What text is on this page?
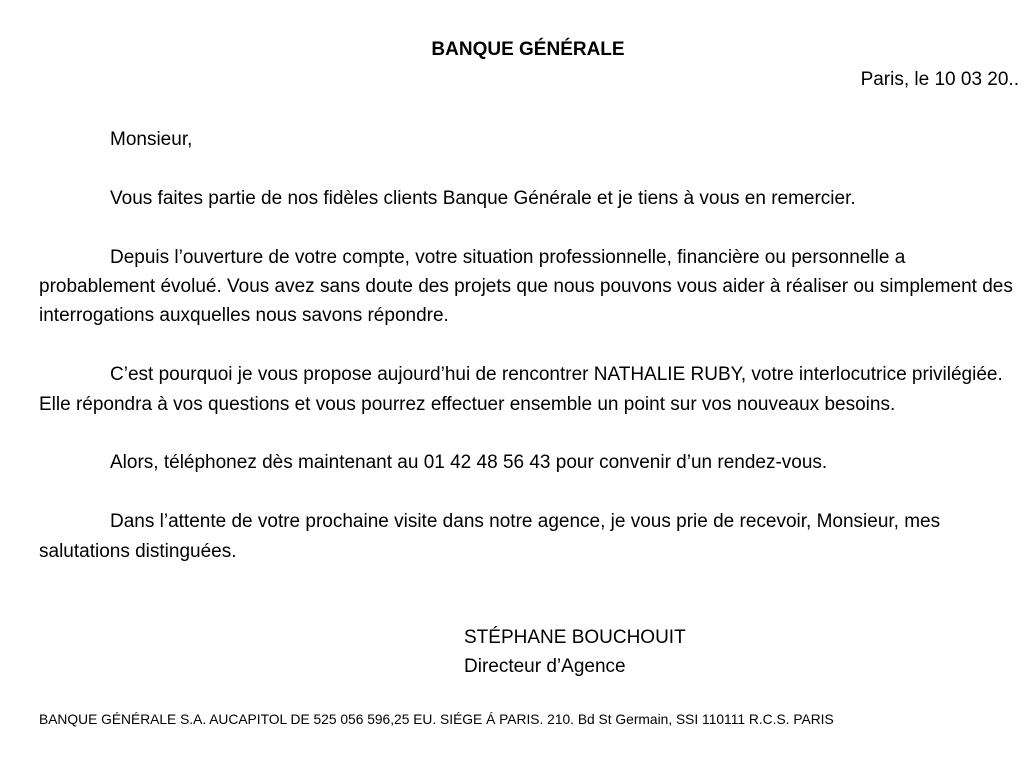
BANQUE GÉNÉRALE
Paris, le 10 03 20..

Monsieur,

Vous faites partie de nos fidèles clients Banque Générale et je tiens à vous en remercier.

Depuis l’ouverture de votre compte, votre situation professionnelle, financière ou personnelle a probablement évolué. Vous avez sans doute des projets que nous pouvons vous aider à réaliser ou simplement des interrogations auxquelles nous savons répondre.

C’est pourquoi je vous propose aujourd’hui de rencontrer NATHALIE RUBY, votre interlocutrice privilégiée. Elle répondra à vos questions et vous pourrez effectuer ensemble un point sur vos nouveaux besoins.

Alors, téléphonez dès maintenant au 01 42 48 56 43 pour convenir d’un rendez-vous.

Dans l’attente de votre prochaine visite dans notre agence, je vous prie de recevoir, Monsieur, mes salutations distinguées.

STÉPHANE BOUCHOUIT
Directeur d’Agence
BANQUE GÉNÉRALE S.A. AUCAPITOL DE 525 056 596,25 EU. SIÉGE Á PARIS. 210. Bd St Germain, SSI 110111 R.C.S. PARIS
